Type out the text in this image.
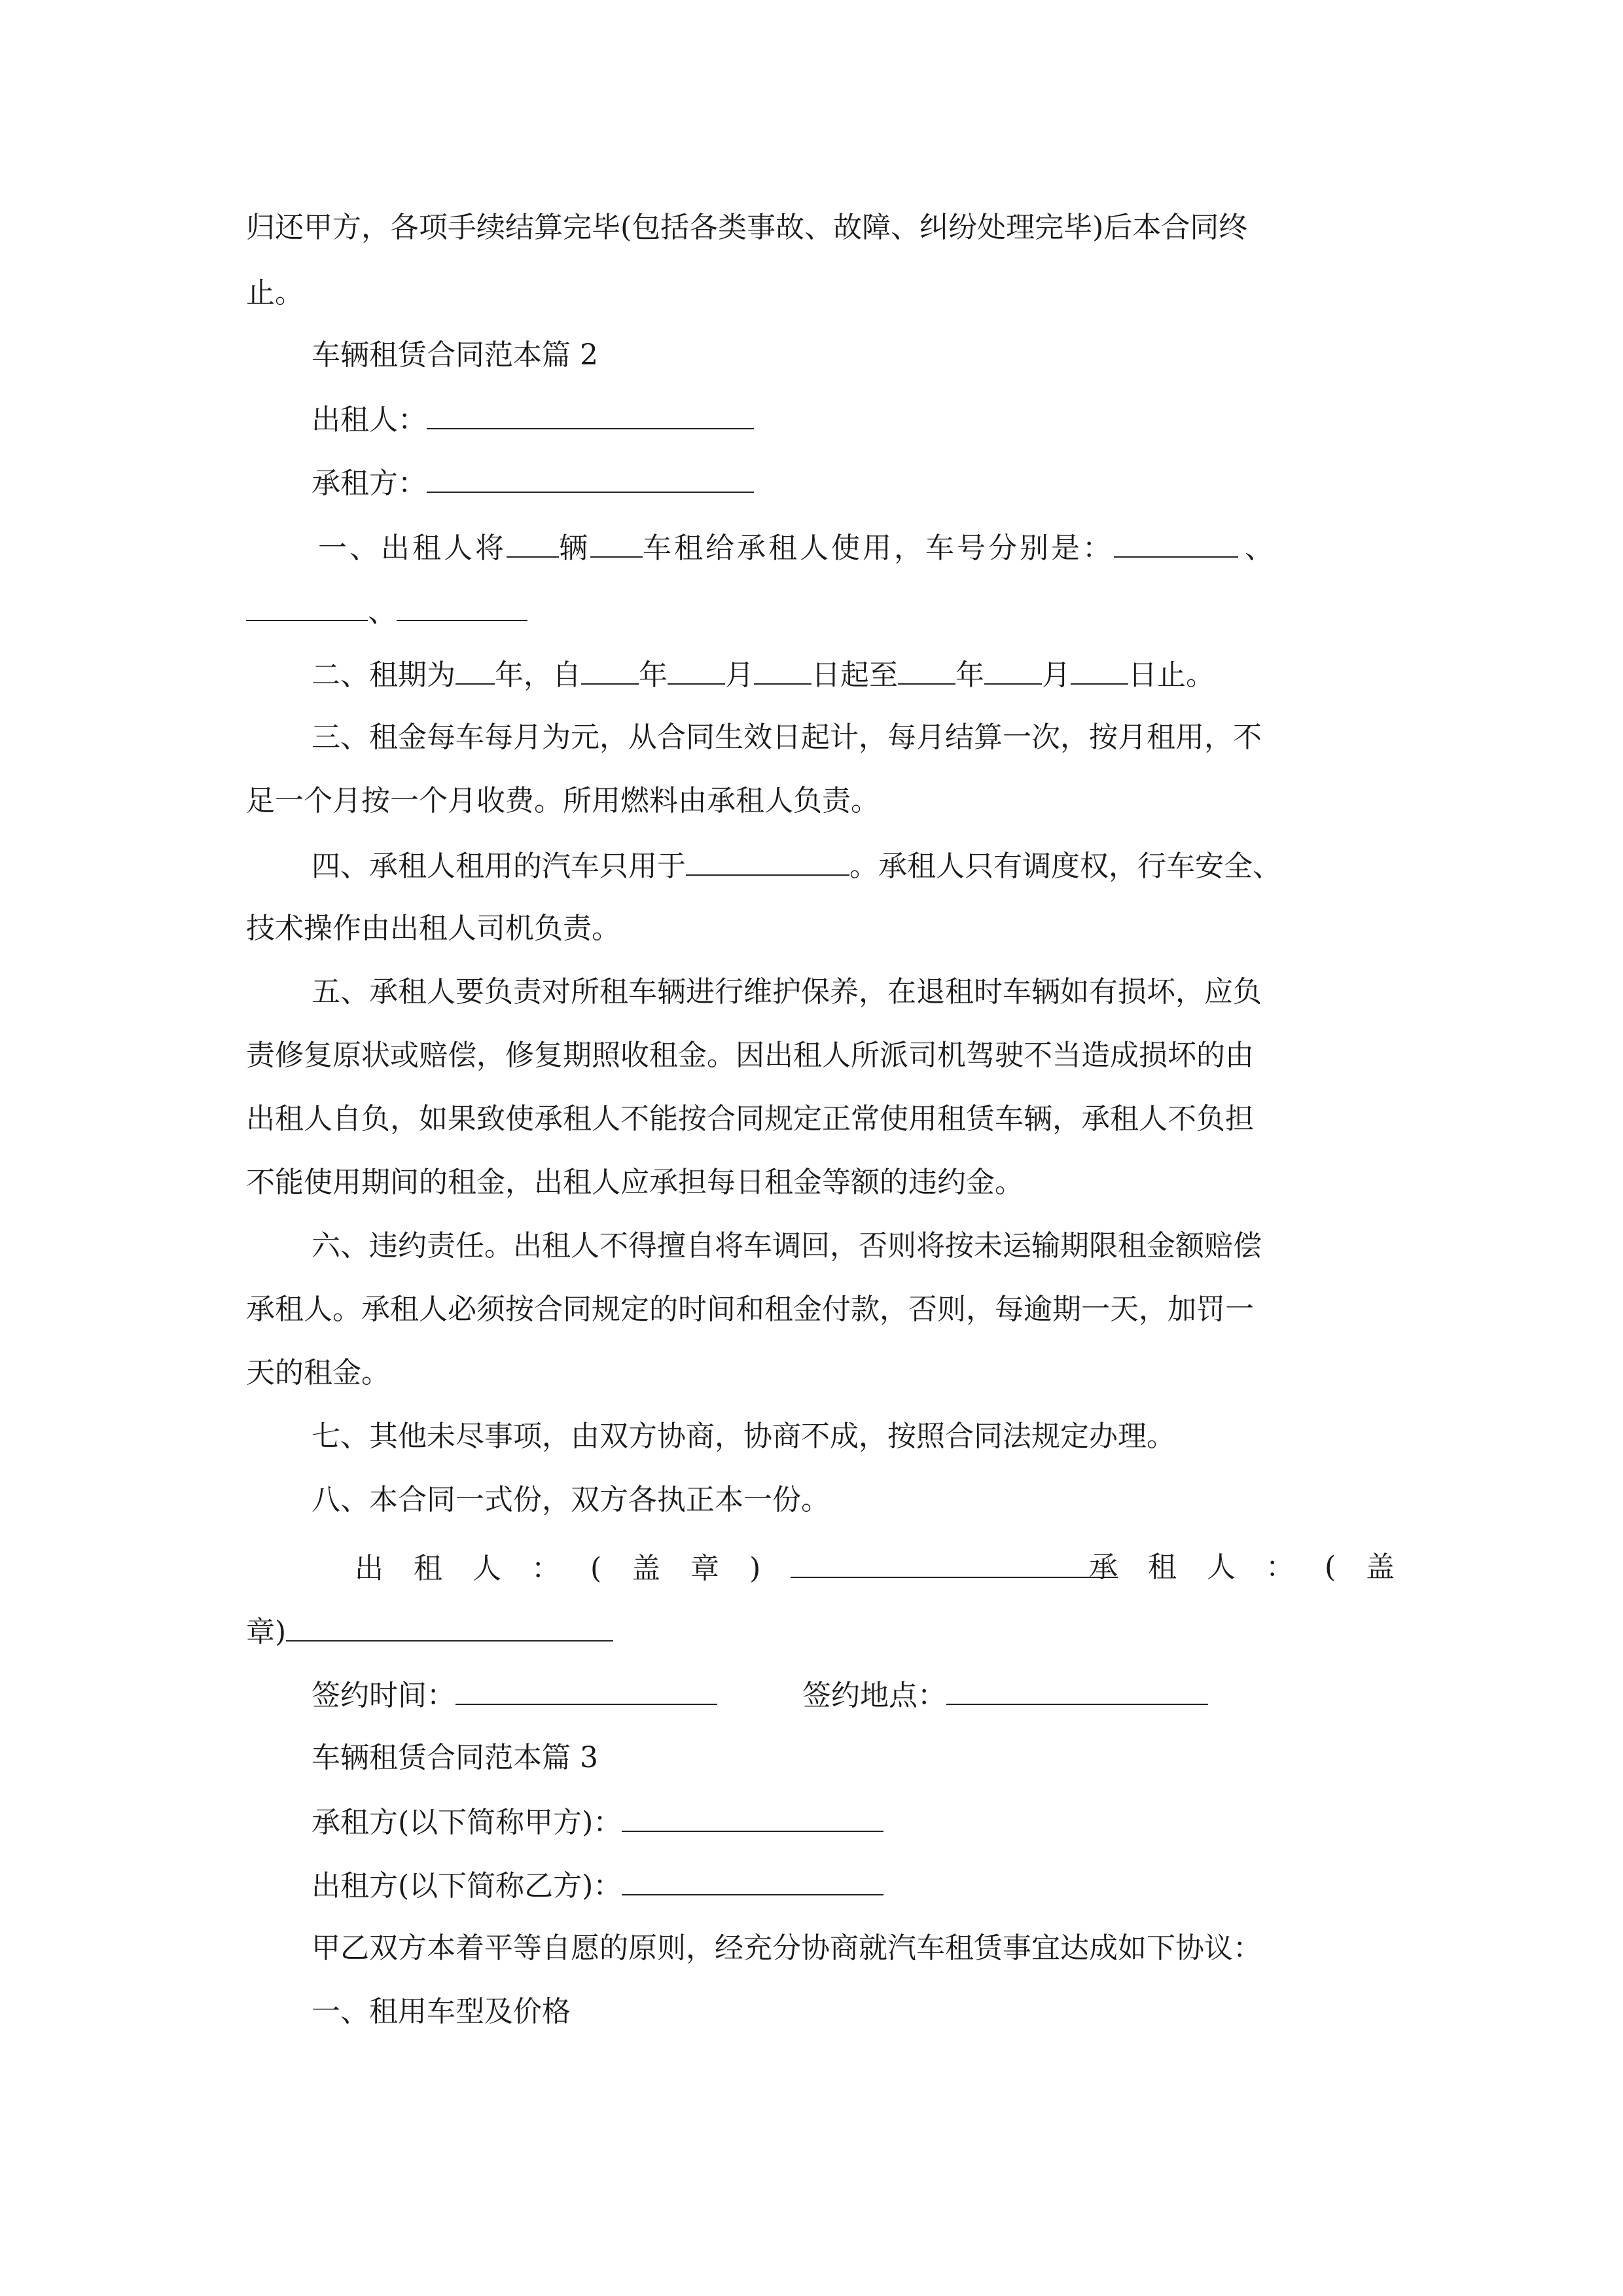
归还甲方，各项手续结算完毕(包括各类事故、故障、纠纷处理完毕)后本合同终
止。
车辆租赁合同范本篇 2
出租人：
承租方：
一、出租人将 辆 车租给承租人使用，车号分别是：	、
、
二、租期为 年，自 年 月 日起至 年 月 日止。
三、租金每车每月为元，从合同生效日起计，每月结算一次，按月租用，不
足一个月按一个月收费。所用燃料由承租人负责。
四、承租人租用的汽车只用于	。承租人只有调度权，行车安全、
技术操作由出租人司机负责。
五、承租人要负责对所租车辆进行维护保养，在退租时车辆如有损坏，应负
责修复原状或赔偿，修复期照收租金。因出租人所派司机驾驶不当造成损坏的由
出租人自负，如果致使承租人不能按合同规定正常使用租赁车辆，承租人不负担
不能使用期间的租金，出租人应承担每日租金等额的违约金。
六、违约责任。出租人不得擅自将车调回，否则将按未运输期限租金额赔偿
承租人。承租人必须按合同规定的时间和租金付款，否则，每逾期一天，加罚一
天的租金。
七、其他未尽事项，由双方协商，协商不成，按照合同法规定办理。
八、本合同一式份，双方各执正本一份。
出租人：(盖章)	承租人：(盖
章)
签约时间：	签约地点：
车辆租赁合同范本篇 3
承租方(以下简称甲方)：
出租方(以下简称乙方)：
甲乙双方本着平等自愿的原则，经充分协商就汽车租赁事宜达成如下协议：
一、租用车型及价格
